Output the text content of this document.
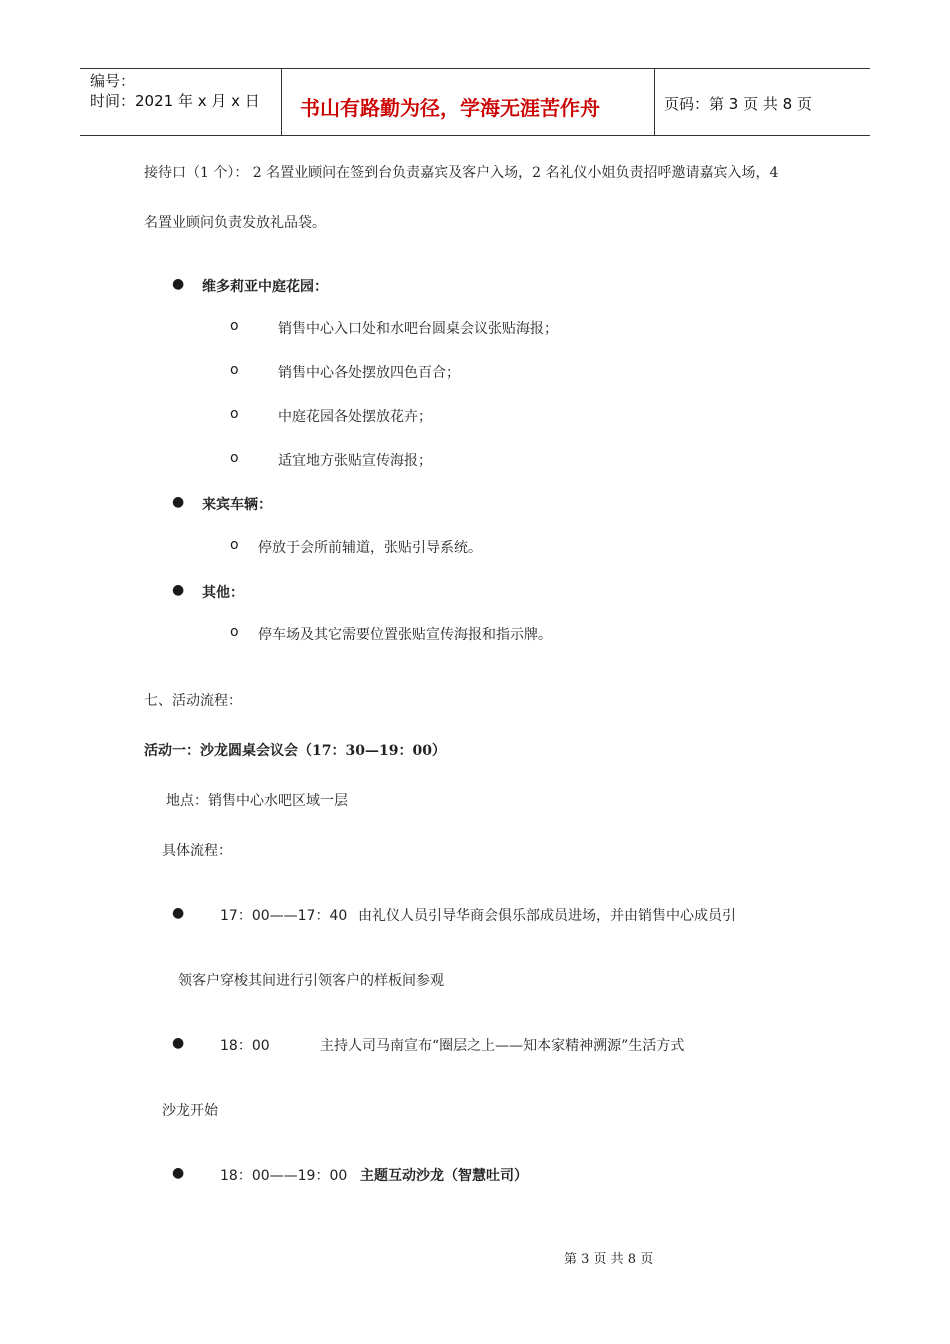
编号：
时间：2021 年 x 月 x 日 书山有路勤为径，学海无涯苦作舟	页码：第 3 页 共 8 页
接待口（1 个）： 2 名置业顾问在签到台负责嘉宾及客户入场，2 名礼仪小姐负责招呼邀请嘉宾入场，4
名置业顾问负责发放礼品袋。
● 维多莉亚中庭花园：
o	销售中心入口处和水吧台圆桌会议张贴海报；
o	销售中心各处摆放四色百合；
o	中庭花园各处摆放花卉；
o	适宜地方张贴宣传海报；
● 来宾车辆：
o 停放于会所前辅道，张贴引导系统。
● 其他：
o 停车场及其它需要位置张贴宣传海报和指示牌。
七、活动流程：
活动一：沙龙圆桌会议会（17：30—19：00）
地点：销售中心水吧区域一层
具体流程：
●	17：00——17：40 由礼仪人员引导华商会俱乐部成员进场，并由销售中心成员引
领客户穿梭其间进行引领客户的样板间参观
●	18：00	主持人司马南宣布“圈层之上——知本家精神溯源”生活方式
沙龙开始
●	18：00——19：00 主题互动沙龙（智慧吐司）
第 3 页 共 8 页
